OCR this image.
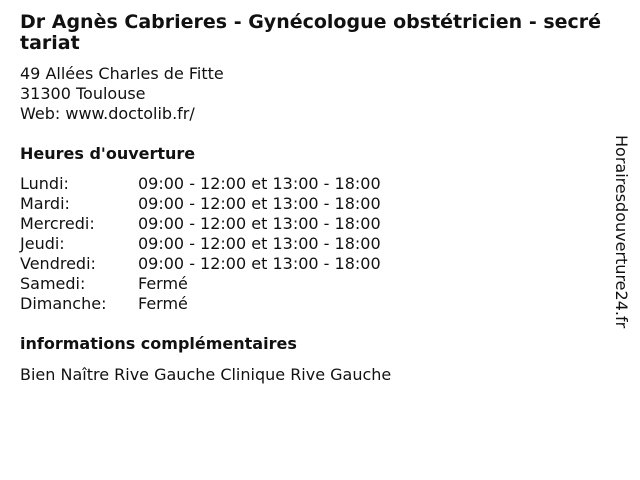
Dr Agnès Cabrieres - Gynécologue obstétricien - secrétariat
49 Allées Charles de Fitte
31300 Toulouse
Web: www.doctolib.fr/
Heures d'ouverture
Lundi:	09:00 - 12:00 et 13:00 - 18:00
Mardi:	09:00 - 12:00 et 13:00 - 18:00
Mercredi:	09:00 - 12:00 et 13:00 - 18:00
Jeudi:	09:00 - 12:00 et 13:00 - 18:00
Vendredi:	09:00 - 12:00 et 13:00 - 18:00
Samedi:	Fermé
Dimanche:	Fermé
informations complémentaires
Bien Naître Rive Gauche Clinique Rive Gauche
Horairesdouverture24.fr
